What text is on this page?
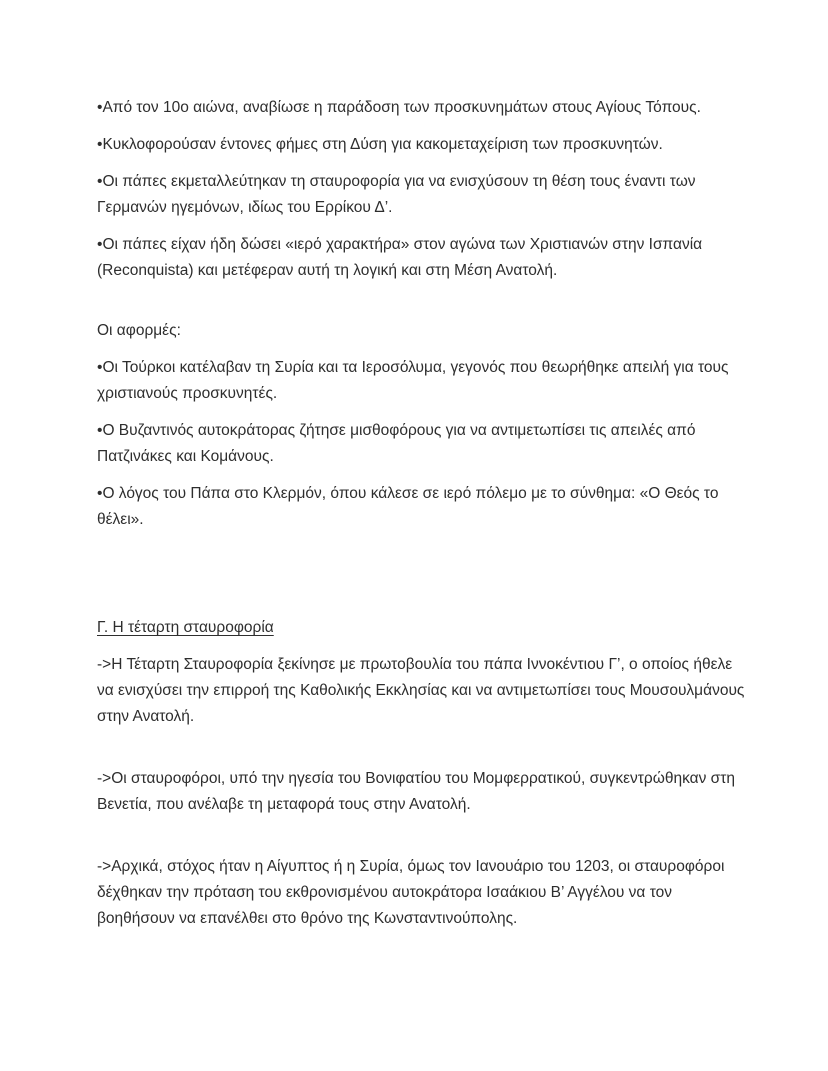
•Από τον 10ο αιώνα, αναβίωσε η παράδοση των προσκυνημάτων στους Αγίους Τόπους.

•Κυκλοφορούσαν έντονες φήμες στη Δύση για κακομεταχείριση των προσκυνητών.

•Οι πάπες εκμεταλλεύτηκαν τη σταυροφορία για να ενισχύσουν τη θέση τους έναντι των Γερμανών ηγεμόνων, ιδίως του Ερρίκου Δ’.

•Οι πάπες είχαν ήδη δώσει «ιερό χαρακτήρα» στον αγώνα των Χριστιανών στην Ισπανία (Reconquista) και μετέφεραν αυτή τη λογική και στη Μέση Ανατολή.

Οι αφορμές:

•Οι Τούρκοι κατέλαβαν τη Συρία και τα Ιεροσόλυμα, γεγονός που θεωρήθηκε απειλή για τους χριστιανούς προσκυνητές.

•Ο Βυζαντινός αυτοκράτορας ζήτησε μισθοφόρους για να αντιμετωπίσει τις απειλές από Πατζινάκες και Κομάνους.

•Ο λόγος του Πάπα στο Κλερμόν, όπου κάλεσε σε ιερό πόλεμο με το σύνθημα: «Ο Θεός το θέλει».

Γ. Η τέταρτη σταυροφορία

->Η Τέταρτη Σταυροφορία ξεκίνησε με πρωτοβουλία του πάπα Ιννοκέντιου Γ’, ο οποίος ήθελε να ενισχύσει την επιρροή της Καθολικής Εκκλησίας και να αντιμετωπίσει τους Μουσουλμάνους στην Ανατολή.

->Οι σταυροφόροι, υπό την ηγεσία του Βονιφατίου του Μομφερρατικού, συγκεντρώθηκαν στη Βενετία, που ανέλαβε τη μεταφορά τους στην Ανατολή.

->Αρχικά, στόχος ήταν η Αίγυπτος ή η Συρία, όμως τον Ιανουάριο του 1203, οι σταυροφόροι δέχθηκαν την πρόταση του εκθρονισμένου αυτοκράτορα Ισαάκιου Β’ Αγγέλου να τον βοηθήσουν να επανέλθει στο θρόνο της Κωνσταντινούπολης.
